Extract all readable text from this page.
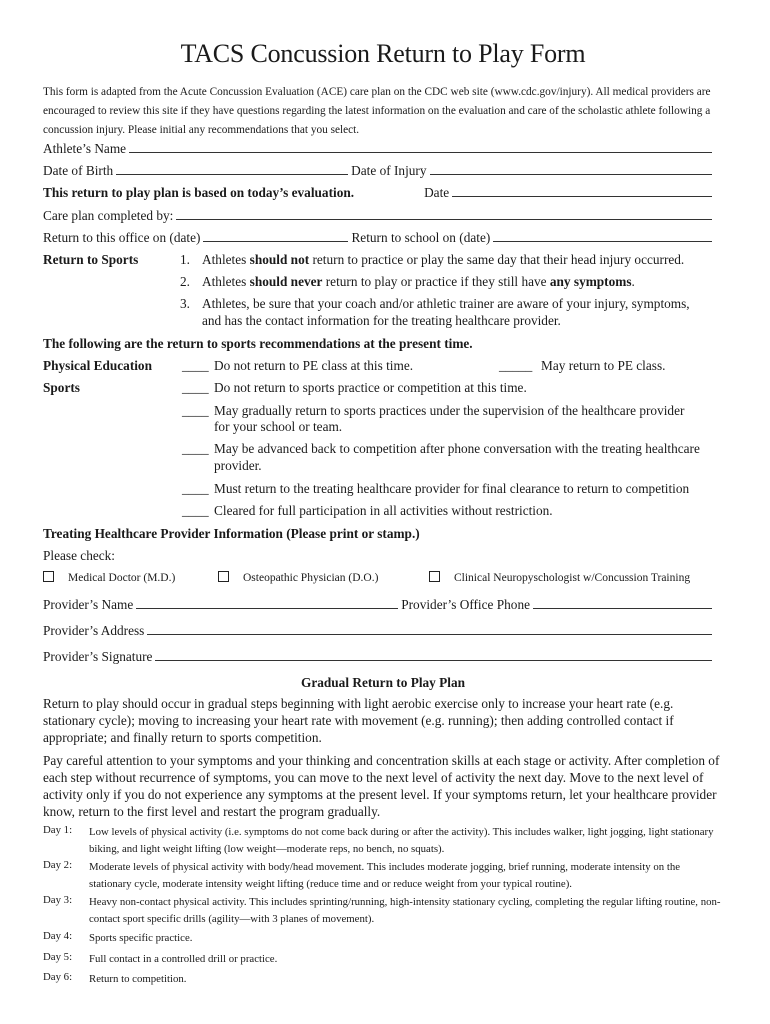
TACS Concussion Return to Play Form

This form is adapted from the Acute Concussion Evaluation (ACE) care plan on the CDC web site (www.cdc.gov/injury). All medical providers are encouraged to review this site if they have questions regarding the latest information on the evaluation and care of the scholastic athlete following a concussion injury. Please initial any recommendations that you select.

Athlete’s Name
Date of Birth	Date of Injury
This return to play plan is based on today’s evaluation.	Date
Care plan completed by:
Return to this office on (date)	Return to school on (date)
Return to Sports	1. Athletes should not return to practice or play the same day that their head injury occurred.
2. Athletes should never return to play or practice if they still have any symptoms.
3. Athletes, be sure that your coach and/or athletic trainer are aware of your injury, symptoms,
and has the contact information for the treating healthcare provider.
The following are the return to sports recommendations at the present time.
Physical Education ____ Do not return to PE class at this time.	_____ May return to PE class.
Sports	____ Do not return to sports practice or competition at this time.
____ May gradually return to sports practices under the supervision of the healthcare provider
for your school or team.
____ May be advanced back to competition after phone conversation with the treating healthcare
provider.
____ Must return to the treating healthcare provider for final clearance to return to competition
____ Cleared for full participation in all activities without restriction.
Treating Healthcare Provider Information (Please print or stamp.)
Please check:
Medical Doctor (M.D.)	Osteopathic Physician (D.O.)	Clinical Neuropyschologist w/Concussion Training
Provider’s Name	Provider’s Office Phone
Provider’s Address
Provider’s Signature
Gradual Return to Play Plan

Return to play should occur in gradual steps beginning with light aerobic exercise only to increase your heart rate (e.g. stationary cycle); moving to increasing your heart rate with movement (e.g. running); then adding controlled contact if appropriate; and finally return to sports competition.

Pay careful attention to your symptoms and your thinking and concentration skills at each stage or activity. After completion of each step without recurrence of symptoms, you can move to the next level of activity the next day. Move to the next level of activity only if you do not experience any symptoms at the present level. If your symptoms return, let your healthcare provider know, return to the first level and restart the program gradually.

Day 1: Low levels of physical activity (i.e. symptoms do not come back during or after the activity). This includes walker, light jogging, light stationary biking, and light weight lifting (low weight—moderate reps, no bench, no squats).
Day 2: Moderate levels of physical activity with body/head movement. This includes moderate jogging, brief running, moderate intensity on the stationary cycle, moderate intensity weight lifting (reduce time and or reduce weight from your typical routine).
Day 3: Heavy non-contact physical activity. This includes sprinting/running, high-intensity stationary cycling, completing the regular lifting routine, non-contact sport specific drills (agility—with 3 planes of movement).
Day 4: Sports specific practice.
Day 5: Full contact in a controlled drill or practice.
Day 6: Return to competition.
